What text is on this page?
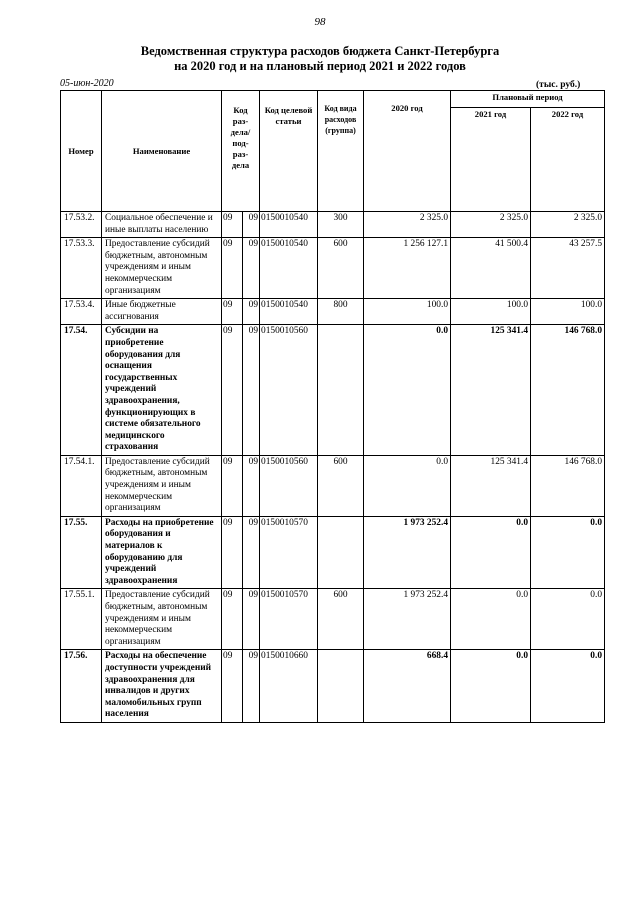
98
Ведомственная структура расходов бюджета Санкт-Петербурга
на 2020 год и на плановый период 2021 и 2022 годов
05-июн-2020	(тыс. руб.)
Номер	Наименование	Код раз-дела/ под-раз-дела		Код целевой статьи	Код вида расходов (группа)	2020 год	Плановый период	
							2021 год	2022 год
17.53.2.	Социальное обеспечение и иные выплаты населению	09	09	0150010540	300	2 325.0	2 325.0	2 325.0
17.53.3.	Предоставление субсидий бюджетным, автономным учреждениям и иным некоммерческим организациям	09	09	0150010540	600	1 256 127.1	41 500.4	43 257.5
17.53.4.	Иные бюджетные ассигнования	09	09	0150010540	800	100.0	100.0	100.0
17.54.	Субсидии на приобретение оборудования для оснащения государственных учреждений здравоохранения, функционирующих в системе обязательного медицинского страхования	09	09	0150010560		0.0	125 341.4	146 768.0
17.54.1.	Предоставление субсидий бюджетным, автономным учреждениям и иным некоммерческим организациям	09	09	0150010560	600	0.0	125 341.4	146 768.0
17.55.	Расходы на приобретение оборудования и материалов к оборудованию для учреждений здравоохранения	09	09	0150010570		1 973 252.4	0.0	0.0
17.55.1.	Предоставление субсидий бюджетным, автономным учреждениям и иным некоммерческим организациям	09	09	0150010570	600	1 973 252.4	0.0	0.0
17.56.	Расходы на обеспечение доступности учреждений здравоохранения для инвалидов и других маломобильных групп населения	09	09	0150010660		668.4	0.0	0.0
